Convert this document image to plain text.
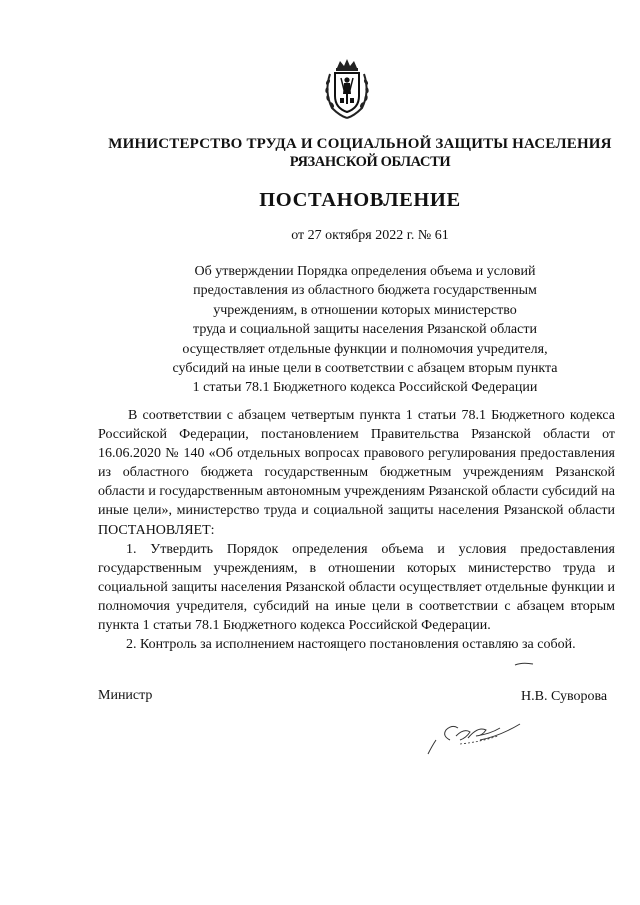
МИНИСТЕРСТВО ТРУДА И СОЦИАЛЬНОЙ ЗАЩИТЫ НАСЕЛЕНИЯ
РЯЗАНСКОЙ ОБЛАСТИ
ПОСТАНОВЛЕНИЕ
от 27 октября 2022 г. № 61
Об утверждении Порядка определения объема и условий
предоставления из областного бюджета государственным
учреждениям, в отношении которых министерство
труда и социальной защиты населения Рязанской области
осуществляет отдельные функции и полномочия учредителя,
субсидий на иные цели в соответствии с абзацем вторым пункта
1 статьи 78.1 Бюджетного кодекса Российской Федерации

В соответствии с абзацем четвертым пункта 1 статьи 78.1 Бюджетного кодекса Российской Федерации, постановлением Правительства Рязанской области от 16.06.2020 № 140 «Об отдельных вопросах правового регулирования предоставления из областного бюджета государственным бюджетным учреждениям Рязанской области и государственным автономным учреждениям Рязанской области субсидий на иные цели», министерство труда и социальной защиты населения Рязанской области ПОСТАНОВЛЯЕТ:

1. Утвердить Порядок определения объема и условия предоставления государственным учреждениям, в отношении которых министерство труда и социальной защиты населения Рязанской области осуществляет отдельные функции и полномочия учредителя, субсидий на иные цели в соответствии с абзацем вторым пункта 1 статьи 78.1 Бюджетного кодекса Российской Федерации.

2. Контроль за исполнением настоящего постановления оставляю за собой.

Министр	Н.В. Суворова
